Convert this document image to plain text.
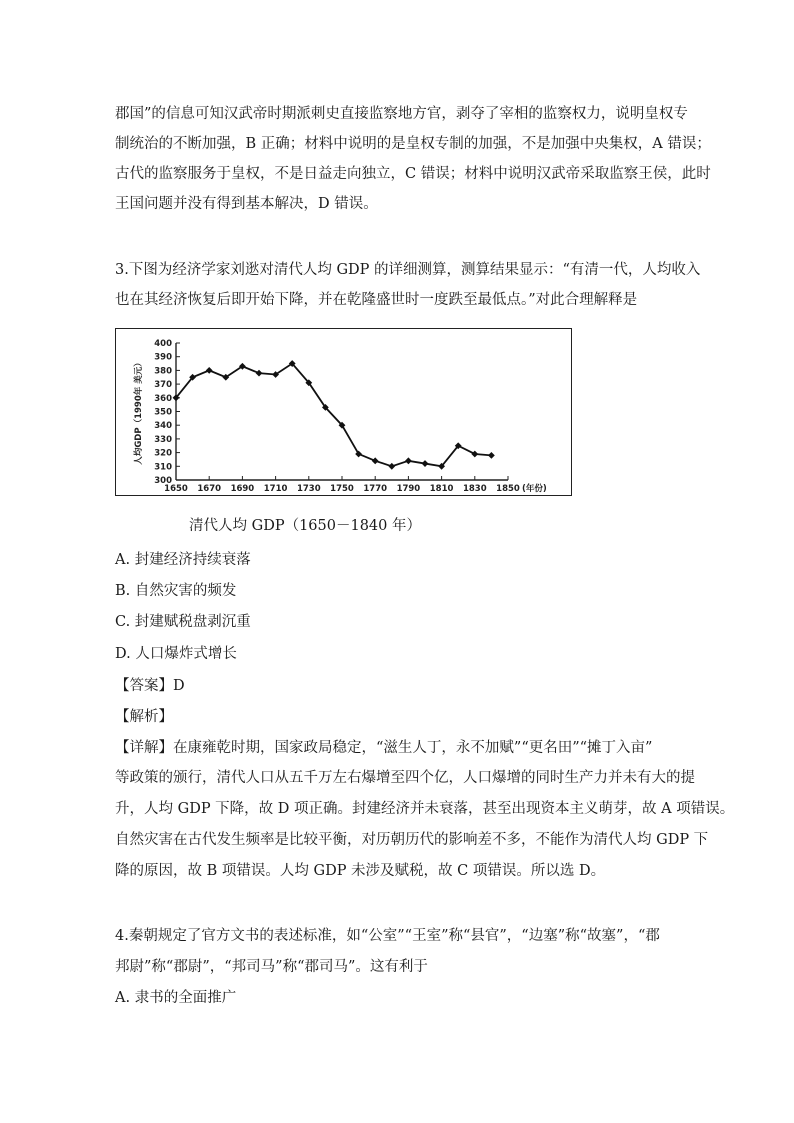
郡国”的信息可知汉武帝时期派刺史直接监察地方官，剥夺了宰相的监察权力，说明皇权专
制统治的不断加强，B 正确；材料中说明的是皇权专制的加强，不是加强中央集权，A 错误；
古代的监察服务于皇权，不是日益走向独立，C 错误；材料中说明汉武帝采取监察王侯，此时
王国问题并没有得到基本解决，D 错误。
3.下图为经济学家刘逖对清代人均 GDP 的详细测算，测算结果显示：“有清一代，人均收入
也在其经济恢复后即开始下降，并在乾隆盛世时一度跌至最低点。”对此合理解释是
300
310
320
330
340
350
360
370
380
390
400
1650 1670 1690 1710 1730 1750 1770 1790 1810 1830 1850 (年份)
人均GDP（1990年 美元）
清代人均 GDP（1650－1840 年）
A. 封建经济持续衰落
B. 自然灾害的频发
C. 封建赋税盘剥沉重
D. 人口爆炸式增长
【答案】D
【解析】
【详解】在康雍乾时期，国家政局稳定，“滋生人丁，永不加赋”“更名田”“摊丁入亩”
等政策的颁行，清代人口从五千万左右爆增至四个亿，人口爆增的同时生产力并未有大的提
升，人均 GDP 下降，故 D 项正确。封建经济并未衰落，甚至出现资本主义萌芽，故 A 项错误。
自然灾害在古代发生频率是比较平衡，对历朝历代的影响差不多，不能作为清代人均 GDP 下
降的原因，故 B 项错误。人均 GDP 未涉及赋税，故 C 项错误。所以选 D。
4.秦朝规定了官方文书的表述标准，如“公室”“王室”称“县官”，“边塞”称“故塞”，“郡
邦尉”称“郡尉”，“邦司马”称“郡司马”。这有利于
A. 隶书的全面推广
